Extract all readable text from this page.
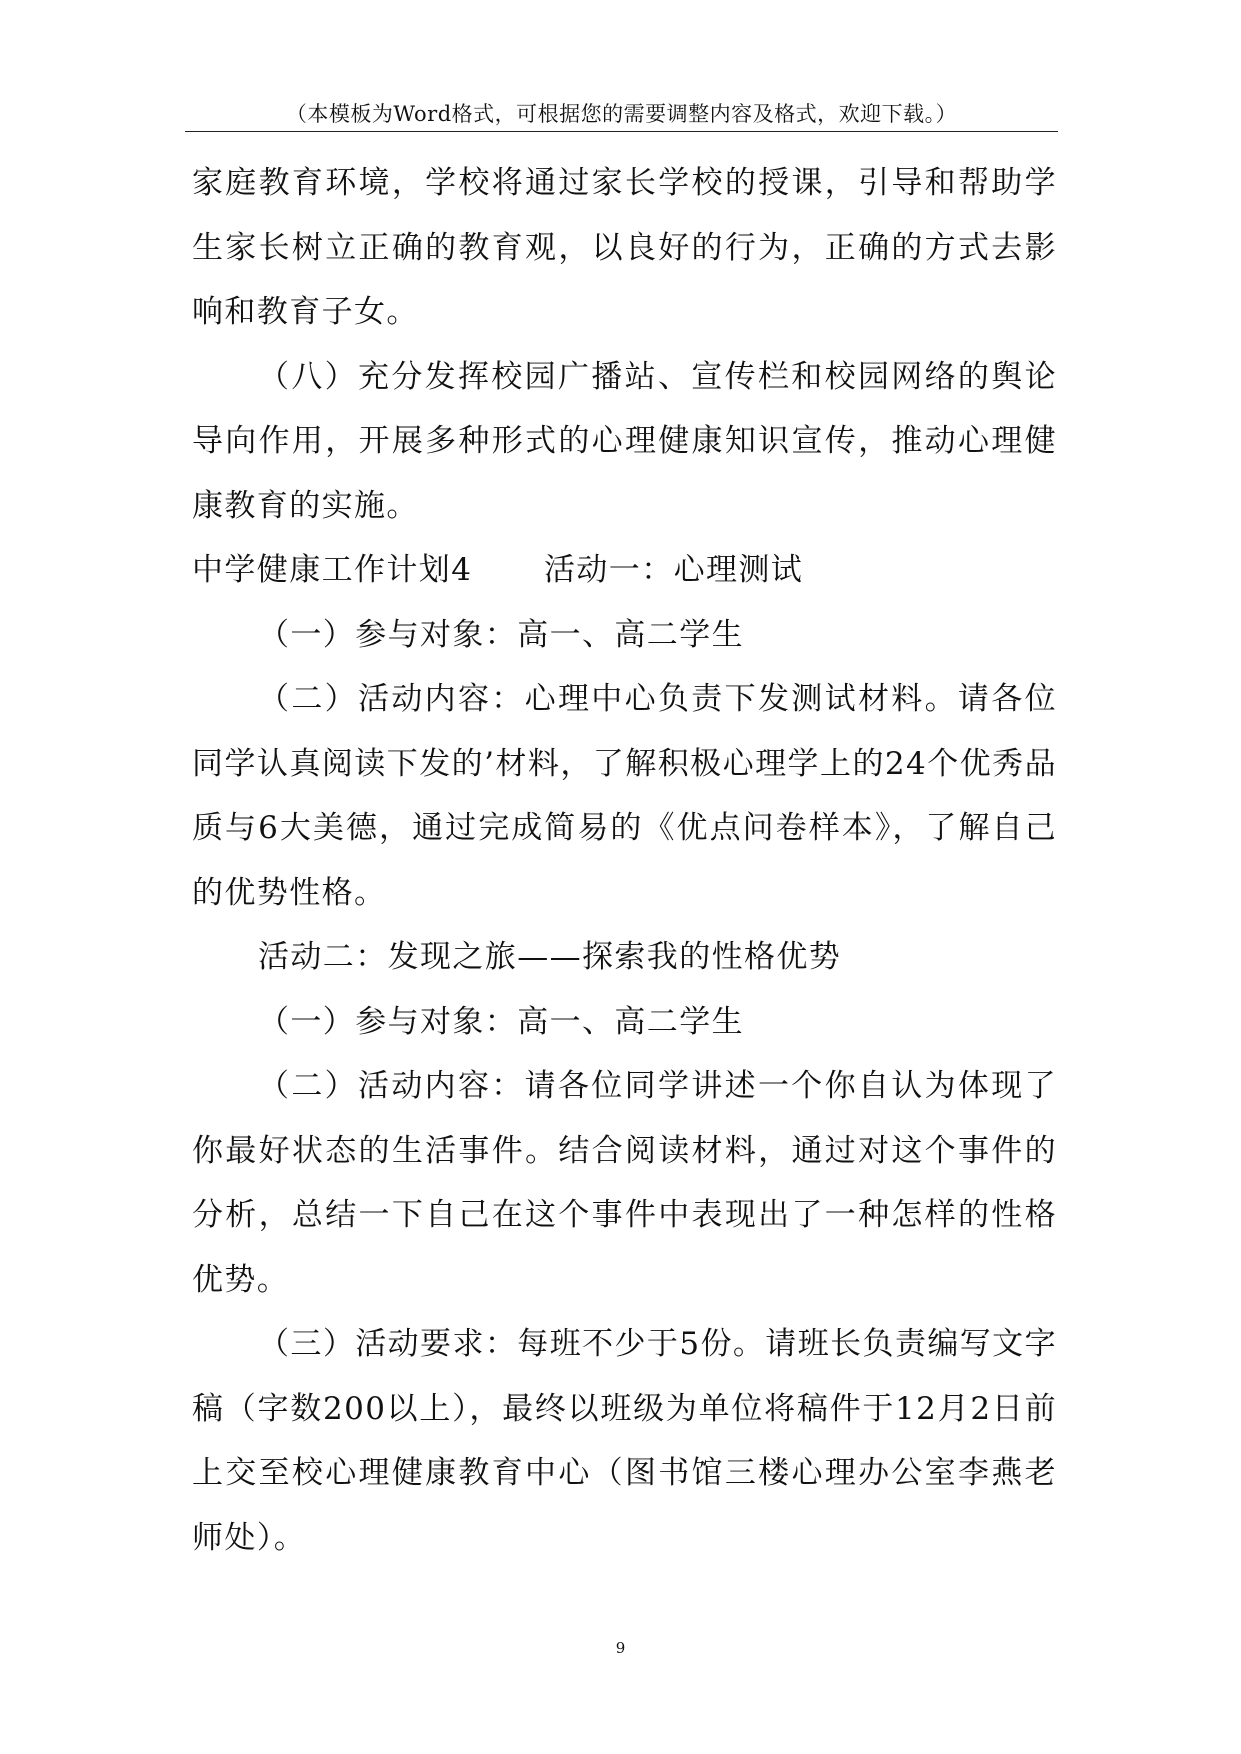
（本模板为Word格式，可根据您的需要调整内容及格式，欢迎下载。）

家庭教育环境，学校将通过家长学校的授课，引导和帮助学生家长树立正确的教育观，以良好的行为，正确的方式去影响和教育子女。

（八）充分发挥校园广播站、宣传栏和校园网络的舆论导向作用，开展多种形式的心理健康知识宣传，推动心理健康教育的实施。

中学健康工作计划4 活动一：心理测试

（一）参与对象：高一、高二学生

（二）活动内容：心理中心负责下发测试材料。请各位同学认真阅读下发的’材料，了解积极心理学上的24个优秀品质与6大美德，通过完成简易的《优点问卷样本》，了解自己的优势性格。

活动二：发现之旅——探索我的性格优势

（一）参与对象：高一、高二学生

（二）活动内容：请各位同学讲述一个你自认为体现了你最好状态的生活事件。结合阅读材料，通过对这个事件的分析，总结一下自己在这个事件中表现出了一种怎样的性格优势。

（三）活动要求：每班不少于5份。请班长负责编写文字稿（字数200以上），最终以班级为单位将稿件于12月2日前上交至校心理健康教育中心（图书馆三楼心理办公室李燕老师处）。

9
